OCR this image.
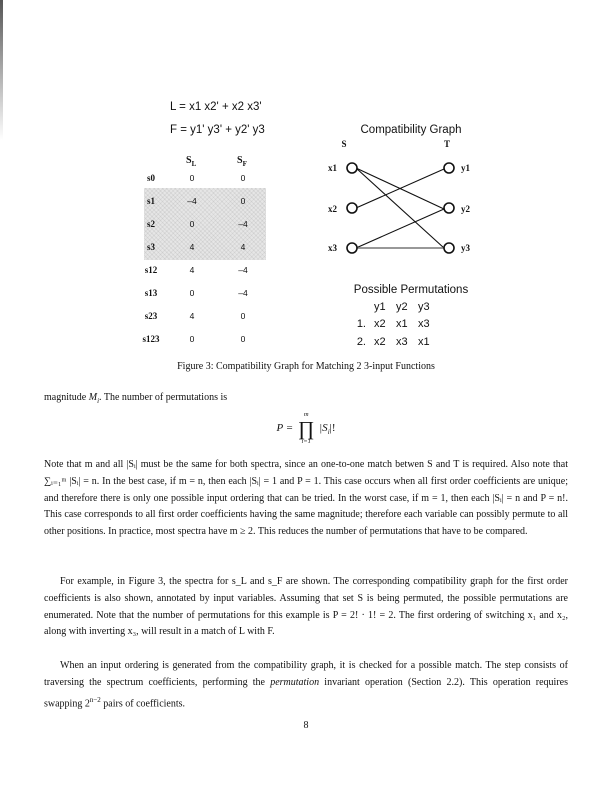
L = x1 x2' + x2 x3'
F = y1' y3' + y2' y3
$S_L$	$S_F$
s0	0	0
s1	–4	0
s2	0	–4
s3	4	4
s12	4	–4
s13	0	–4
s23	4	0
s123	0	0
Compatibility Graph
S	T
x1
x2
x3
y1
y2
y3
Possible Permutations
y1 y2 y3
1. x2 x1 x3
2. x2 x3 x1
Figure 3: Compatibility Graph for Matching 2 3-input Functions
magnitude $M_i$. The number of permutations is
P =
m
∏
i=1
$|S_i|$!
Note that m and all |Sᵢ| must be the same for both spectra, since an one-to-one match betwen S and T is required. Also note that ∑ᵢ₌₁ᵐ |Sᵢ| = n. In the best case, if m = n, then each |Sᵢ| = 1 and P = 1. This case occurs when all first order coefficients are unique; and therefore there is only one possible input ordering that can be tried. In the worst case, if m = 1, then each |Sᵢ| = n and P = n!. This case corresponds to all first order coefficients having the same magnitude; therefore each variable can possibly permute to all other positions. In practice, most spectra have m ≥ 2. This reduces the number of permutations that have to be compared.
For example, in Figure 3, the spectra for s_L and s_F are shown. The corresponding compatibility graph for the first order coefficients is also shown, annotated by input variables. Assuming that set S is being permuted, the possible permutations are enumerated. Note that the number of permutations for this example is P = 2! · 1! = 2. The first ordering of switching x₁ and x₂, along with inverting x₃, will result in a match of L with F.
When an input ordering is generated from the compatibility graph, it is checked for a possible match. The step consists of traversing the spectrum coefficients, performing the permutation invariant operation (Section 2.2). This operation requires swapping $2^{n-2}$ pairs of coefficients.
8
